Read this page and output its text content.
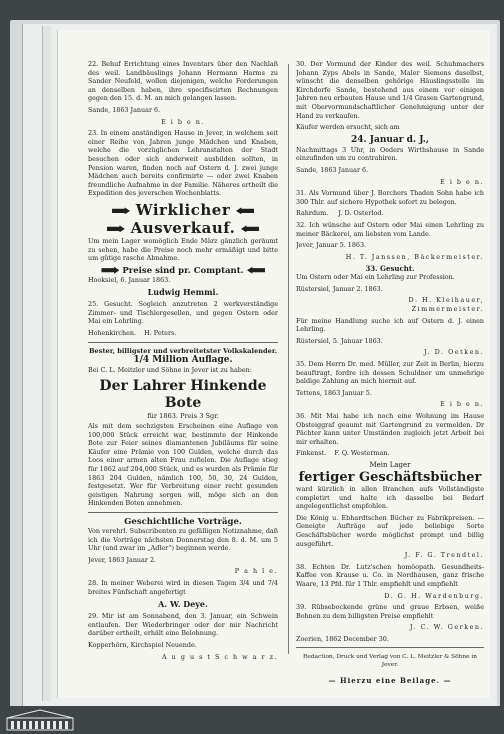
22. Behuf Errichtung eines Inventars über den Nachlaß des weil. Landbäuslings Johann Hermann Harms zu Sander Neufeld, wollen diejenigen, welche Forderungen an denselben haben, ihre specifiscirten Rechnungen gegen den 15. d. M. an mich gelangen lassen.

Sande, 1863 Januar 6.

E i b e n.

23. In einem anständigen Hause in Jever, in welchem seit einer Reihe von Jahren junge Mädchen und Knaben, welche die vorzüglichen Lehranstalten der Stadt besuchen oder sich anderweit ausbilden sollten, in Pension waren, finden noch auf Ostern d. J. zwei junge Mädchen auch bereits confirmirte — oder zwei Knaben freundliche Aufnahme in der Familie. Näheres ertheilt die Expedition des jeverschen Wochenblatts.

Wirklicher
Ausverkauf.

Um mein Lager womöglich Ende März gänzlich geräumt zu sehen, habe die Preise noch mehr ermäßigt und bitte um gütige rasche Abnahme.

Preise sind pr. Comptant.

Hooksiel, 6. Januar 1863.

Ludwig Hemmi.

25. Gesucht. Sogleich anzutreten 2 werkverständige Zimmer- und Tischlergesellen, und gegen Ostern oder Mai ein Lehrling.

Hohenkirchen. H. Peters.

Bester, billigster und verbreitetster Volkskalender.

1/4 Million Auflage.

Bei C. L. Meitzler und Söhne in Jever ist zu haben:

Der Lahrer Hinkende Bote

für 1863. Preis 3 Sgr.

Als mit dem sechzigsten Erscheinen eine Auflage von 100,000 Stück erreicht war, bestimmte der Hinkende Bote zur Feier seines diamantenen Jubiläums für seine Käufer eine Prämie von 100 Gulden, welche durch das Loos einer armen alten Frau zufielen. Die Auflage stieg für 1862 auf 204,000 Stück, und es wurden als Prämie für 1863 204 Gulden, nämlich 100, 50, 30, 24 Gulden, festgesetzt. Wer für Verbreitung einer recht gesunden geistigen Nahrung sorgen will, möge sich an den Hinkenden Boten annehmen.

Geschichtliche Vorträge.

Von verehrl. Subscribenten zu gefälligen Notiznahme, daß ich die Vorträge nächsten Donnerstag den 8. d. M. um 5 Uhr (und zwar im „Adler“) beginnen werde.

Jever, 1863 Januar 2.

P a h l e.

28. In meiner Weberei wird in diesen Tagen 3/4 und 7/4 breites Fünfschaft angefertigt

A. W. Deye.

29. Mir ist am Sonnabend, den 3. Januar, ein Schwein entlaufen. Der Wiederbringer oder der mir Nachricht darüber ertheilt, erhält eine Belohnung.

Kopperhörn, Kirchspiel Neuende.

A u g u s t S c h w a r z.

30. Der Vormund der Kinder des weil. Schuhmachers Johann Zyps Abels in Sande, Maler Siemens daselbst, wünscht die denselben gehörige Häuslingsstelle im Kirchdorfe Sande, bestehend aus einem vor einigen Jahren neu erbauten Hause und 1/4 Grasen Gartengrund, mit Obervormundschaftlicher Genehmigung unter der Hand zu verkaufen.

Käufer werden ersucht, sich am

24. Januar d. J.,

Nachmittags 3 Uhr, in Oeders Wirthshause in Sande einzufinden um zu contrahiren.

Sande, 1863 Januar 6.

E i b e n.

31. Als Vormund über J. Borchers Thaden Sohn habe ich 300 Thlr. auf sichere Hypothek sofort zu belegen.

Rahrdum. J. D. Osterlod.

32. Ich wünsche auf Ostern oder Mai einen Lehrling zu meiner Bäckerei, am liebsten vom Lande.

Jever, Januar 5. 1863.

H. T. Janssen, Bäckermeister.

33. Gesucht.

Um Ostern oder Mai ein Lehrling zur Profession.

Rüstersiel, Januar 2. 1863.

D. H. Kleihauer,

Zimmermeister.

Für meine Handlung suche ich auf Ostern d. J. einen Lehrling.

Rüstersiel, 5. Januar 1863.

J. D. Oetken.

35. Dem Herrn Dr. med. Müller, zur Zeit in Berlin, hierzu beauftragt, fordre ich dessen Schuldner um unmehrige baldige Zahlung an mich hiermit auf.

Tettens, 1863 Januar 5.

E i b e n.

36. Mit Mai habe ich noch eine Wohnung im Hause Obsteiggraf geaumt mit Gartengrund zu vermelden. Dr Pächter kann unter Umständen zugleich jetzt Arbeit bei mir erhalten.

Finkenst. F. Q. Westerman.

Mein Lager

fertiger Geschäftsbücher

ward kürzlich in allen Branchen aufs Vollständigste completirt und halte ich dasselbe bei Bedarf angelegentlichst empfohlen.

Die König u. Ebhardtschen Bücher zu Fabrikpreisen. — Geneigte Aufträge auf jede beliebige Sorte Geschäftsbücher werde möglichst prompt und billig ausgeführt.

J. F. G. Trendtel.

38. Echten Dr. Lutz'schen homöopath. Gesundheits-Kaffee von Krause u. Co. in Nordhausen, ganz frische Waare, 13 Pfd. für 1 Thlr. empfiehlt und empfiehlt

D. G. H. Wardenburg.

39. Rübsebockende grüne und graue Erbsen, weiße Bohnen zu dem billigsten Preise empfiehlt

J. C. W. Gerken.

Zoerien, 1862 December 30.

Redaction, Druck und Verlag von C. L. Meitzler & Söhne in Jever.

— Hierzu eine Beilage. —
